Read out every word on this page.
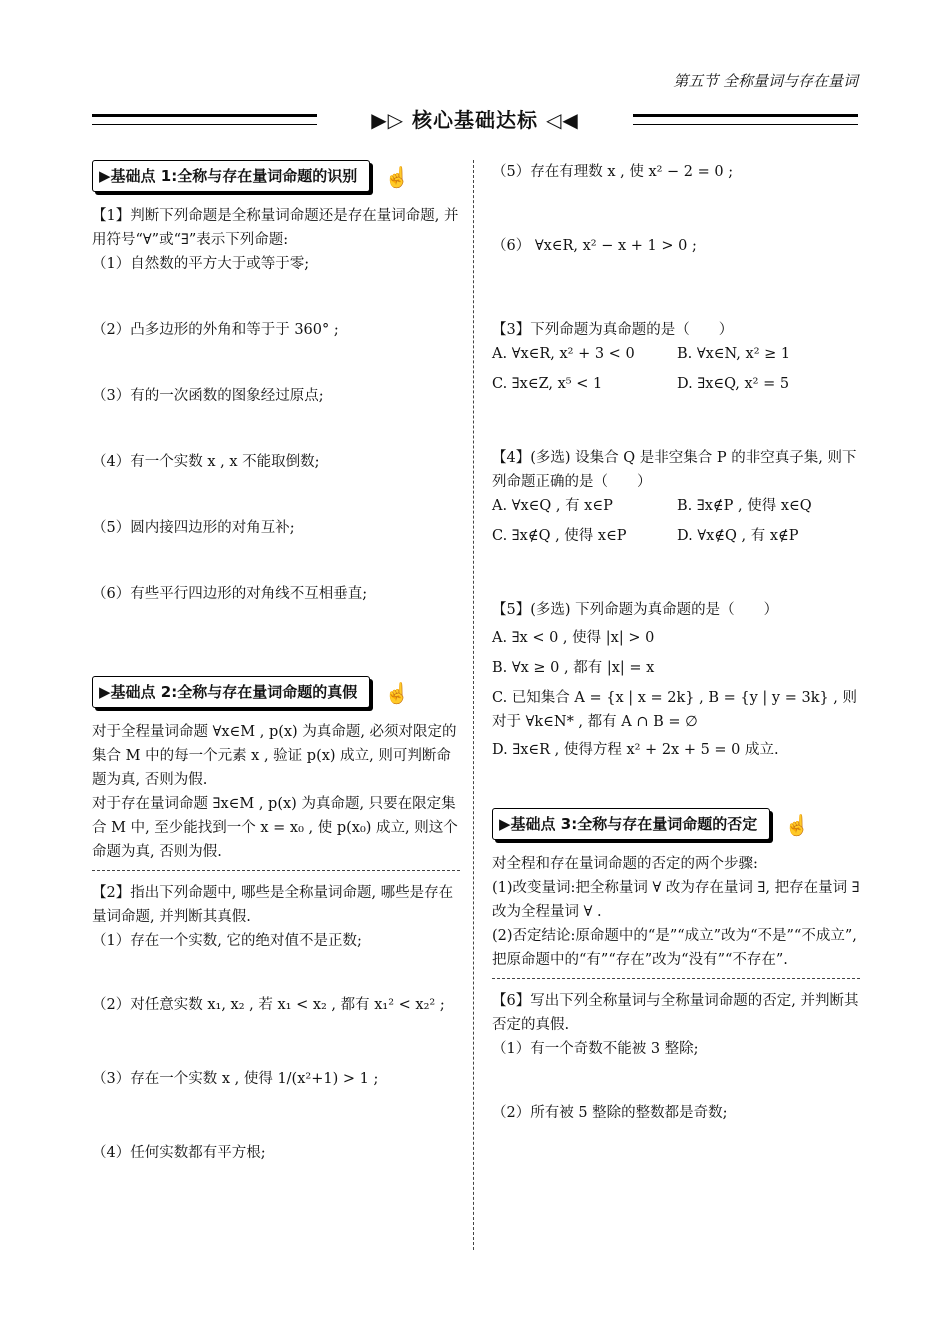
第五节 全称量词与存在量词
▶▷ 核心基础达标 ◁◀
▶基础点 1:全称与存在量词命题的识别 ☝

【1】判断下列命题是全称量词命题还是存在量词命题, 并用符号“∀”或“∃”表示下列命题:

（1）自然数的平方大于或等于零;

（2）凸多边形的外角和等于于 360° ;

（3）有的一次函数的图象经过原点;

（4）有一个实数 x , x 不能取倒数;

（5）圆内接四边形的对角互补;

（6）有些平行四边形的对角线不互相垂直;

▶基础点 2:全称与存在量词命题的真假 ☝

对于全程量词命题 ∀x∈M , p(x) 为真命题, 必须对限定的集合 M 中的每一个元素 x , 验证 p(x) 成立, 则可判断命题为真, 否则为假.

对于存在量词命题 ∃x∈M , p(x) 为真命题, 只要在限定集合 M 中, 至少能找到一个 x = x₀ , 使 p(x₀) 成立, 则这个命题为真, 否则为假.

【2】指出下列命题中, 哪些是全称量词命题, 哪些是存在量词命题, 并判断其真假.

（1）存在一个实数, 它的绝对值不是正数;

（2）对任意实数 x₁, x₂ , 若 x₁ < x₂ , 都有 x₁² < x₂² ;

（3）存在一个实数 x , 使得 1/(x²+1) > 1 ;

（4）任何实数都有平方根;

（5）存在有理数 x , 使 x² − 2 = 0 ;

（6） ∀x∈R, x² − x + 1 > 0 ;

【3】下列命题为真命题的是（　　）

A. ∀x∈R, x² + 3 < 0	B. ∀x∈N, x² ≥ 1

C. ∃x∈Z, x⁵ < 1	D. ∃x∈Q, x² = 5

【4】(多选) 设集合 Q 是非空集合 P 的非空真子集, 则下列命题正确的是（　　）

A. ∀x∈Q , 有 x∈P	B. ∃x∉P , 使得 x∈Q

C. ∃x∉Q , 使得 x∈P	D. ∀x∉Q , 有 x∉P

【5】(多选) 下列命题为真命题的是（　　）

A. ∃x < 0 , 使得 |x| > 0

B. ∀x ≥ 0 , 都有 |x| = x

C. 已知集合 A = {x | x = 2k} , B = {y | y = 3k} , 则对于 ∀k∈N* , 都有 A ∩ B = ∅

D. ∃x∈R , 使得方程 x² + 2x + 5 = 0 成立.

▶基础点 3:全称与存在量词命题的否定 ☝

对全程和存在量词命题的否定的两个步骤:

(1)改变量词:把全称量词 ∀ 改为存在量词 ∃, 把存在量词 ∃ 改为全程量词 ∀ .

(2)否定结论:原命题中的“是”“成立”改为“不是”“不成立”, 把原命题中的“有”“存在”改为“没有”“不存在”.

【6】写出下列全称量词与全称量词命题的否定, 并判断其否定的真假.

（1）有一个奇数不能被 3 整除;

（2）所有被 5 整除的整数都是奇数;
